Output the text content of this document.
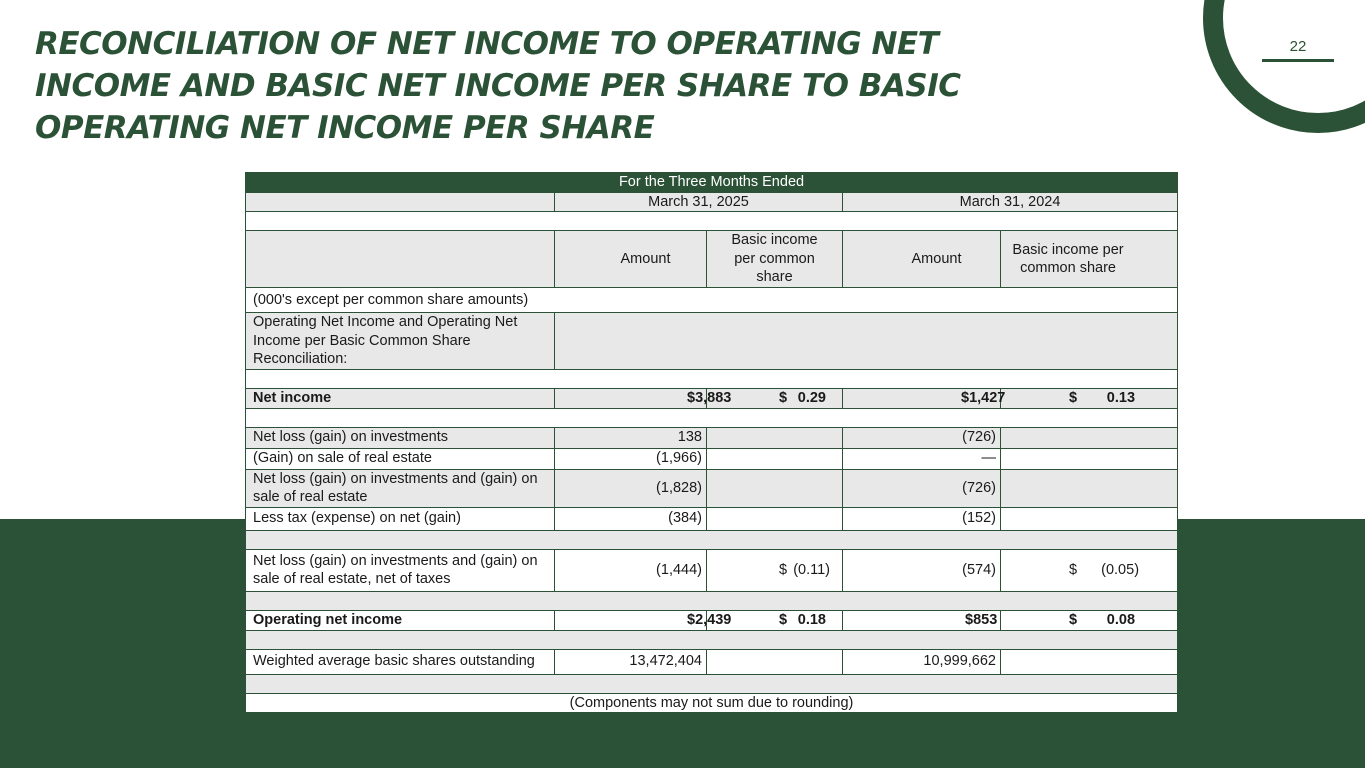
22
RECONCILIATION OF NET INCOME TO OPERATING NET INCOME AND BASIC NET INCOME PER SHARE TO BASIC OPERATING NET INCOME PER SHARE
For the Three Months Ended				
	March 31, 2025		March 31, 2024	

	Amount	Basic income per common share	Amount	Basic income per common share
(000's except per common share amounts)				
Operating Net Income and Operating Net Income per Basic Common Share Reconciliation:				

Net income	$ 3,883	$ 0.29	$ 1,427	$ 0.13

Net loss (gain) on investments	138		(726)	
(Gain) on sale of real estate	(1,966)		—	
Net loss (gain) on investments and (gain) on sale of real estate	(1,828)		(726)	
Less tax (expense) on net (gain)	(384)		(152)	

Net loss (gain) on investments and (gain) on sale of real estate, net of taxes	(1,444)	$ (0.11)	(574)	$ (0.05)

Operating net income	$ 2,439	$ 0.18	$ 853	$ 0.08

Weighted average basic shares outstanding	13,472,404		10,999,662	

(Components may not sum due to rounding)				
